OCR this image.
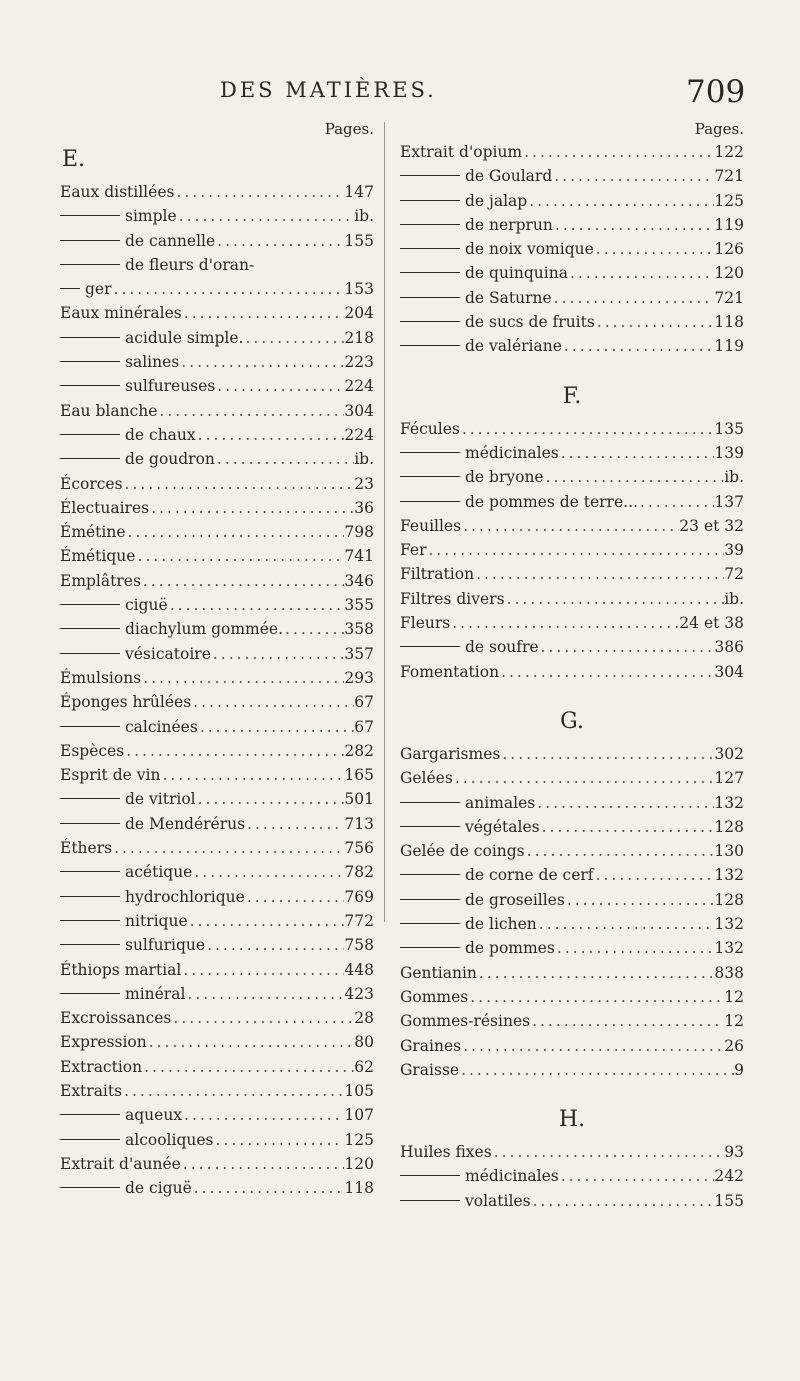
DES MATIÈRES.	709
Pages.
E.
Eaux distillées .....	147
simple .....	ib.
de cannelle .....	155
de fleurs d'oran-
ger .....	153
Eaux minérales .....	204
acidule simple. .....	218
salines .....	223
sulfureuses .....	224
Eau blanche .....	304
de chaux .....	224
de goudron .....	ib.
Écorces .....	23
Électuaires .....	36
Émétine .....	798
Émétique .....	741
Emplâtres .....	346
ciguë .....	355
diachylum gommée. .....	358
vésicatoire .....	357
Émulsions .....	293
Éponges hrûlées .....	67
calcinées .....	67
Espèces .....	282
Esprit de vin .....	165
de vitriol .....	501
de Mendérérus .....	713
Éthers .....	756
acétique .....	782
hydrochlorique .....	769
nitrique .....	772
sulfurique .....	758
Éthiops martial .....	448
minéral .....	423
Excroissances .....	28
Expression .....	80
Extraction .....	62
Extraits .....	105
aqueux .....	107
alcooliques .....	125
Extrait d'aunée .....	120
de ciguë .....	118
Pages.
Extrait d'opium .....	122
de Goulard .....	721
de jalap .....	125
de nerprun .....	119
de noix vomique .....	126
de quinquina .....	120
de Saturne .....	721
de sucs de fruits .....	118
de valériane .....	119
F.
Fécules .....	135
médicinales .....	139
de bryone .....	ib.
de pommes de terre... .....	137
Feuilles .....	23 et 32
Fer .....	39
Filtration .....	72
Filtres divers .....	ib.
Fleurs .....	24 et 38
de soufre .....	386
Fomentation .....	304
G.
Gargarismes .....	302
Gelées .....	127
animales .....	132
végétales .....	128
Gelée de coings .....	130
de corne de cerf .....	132
de groseilles .....	128
de lichen .....	132
de pommes .....	132
Gentianin .....	838
Gommes .....	12
Gommes-résines .....	12
Graines .....	26
Graisse .....	9
H.
Huiles fixes .....	93
médicinales .....	242
volatiles .....	155
